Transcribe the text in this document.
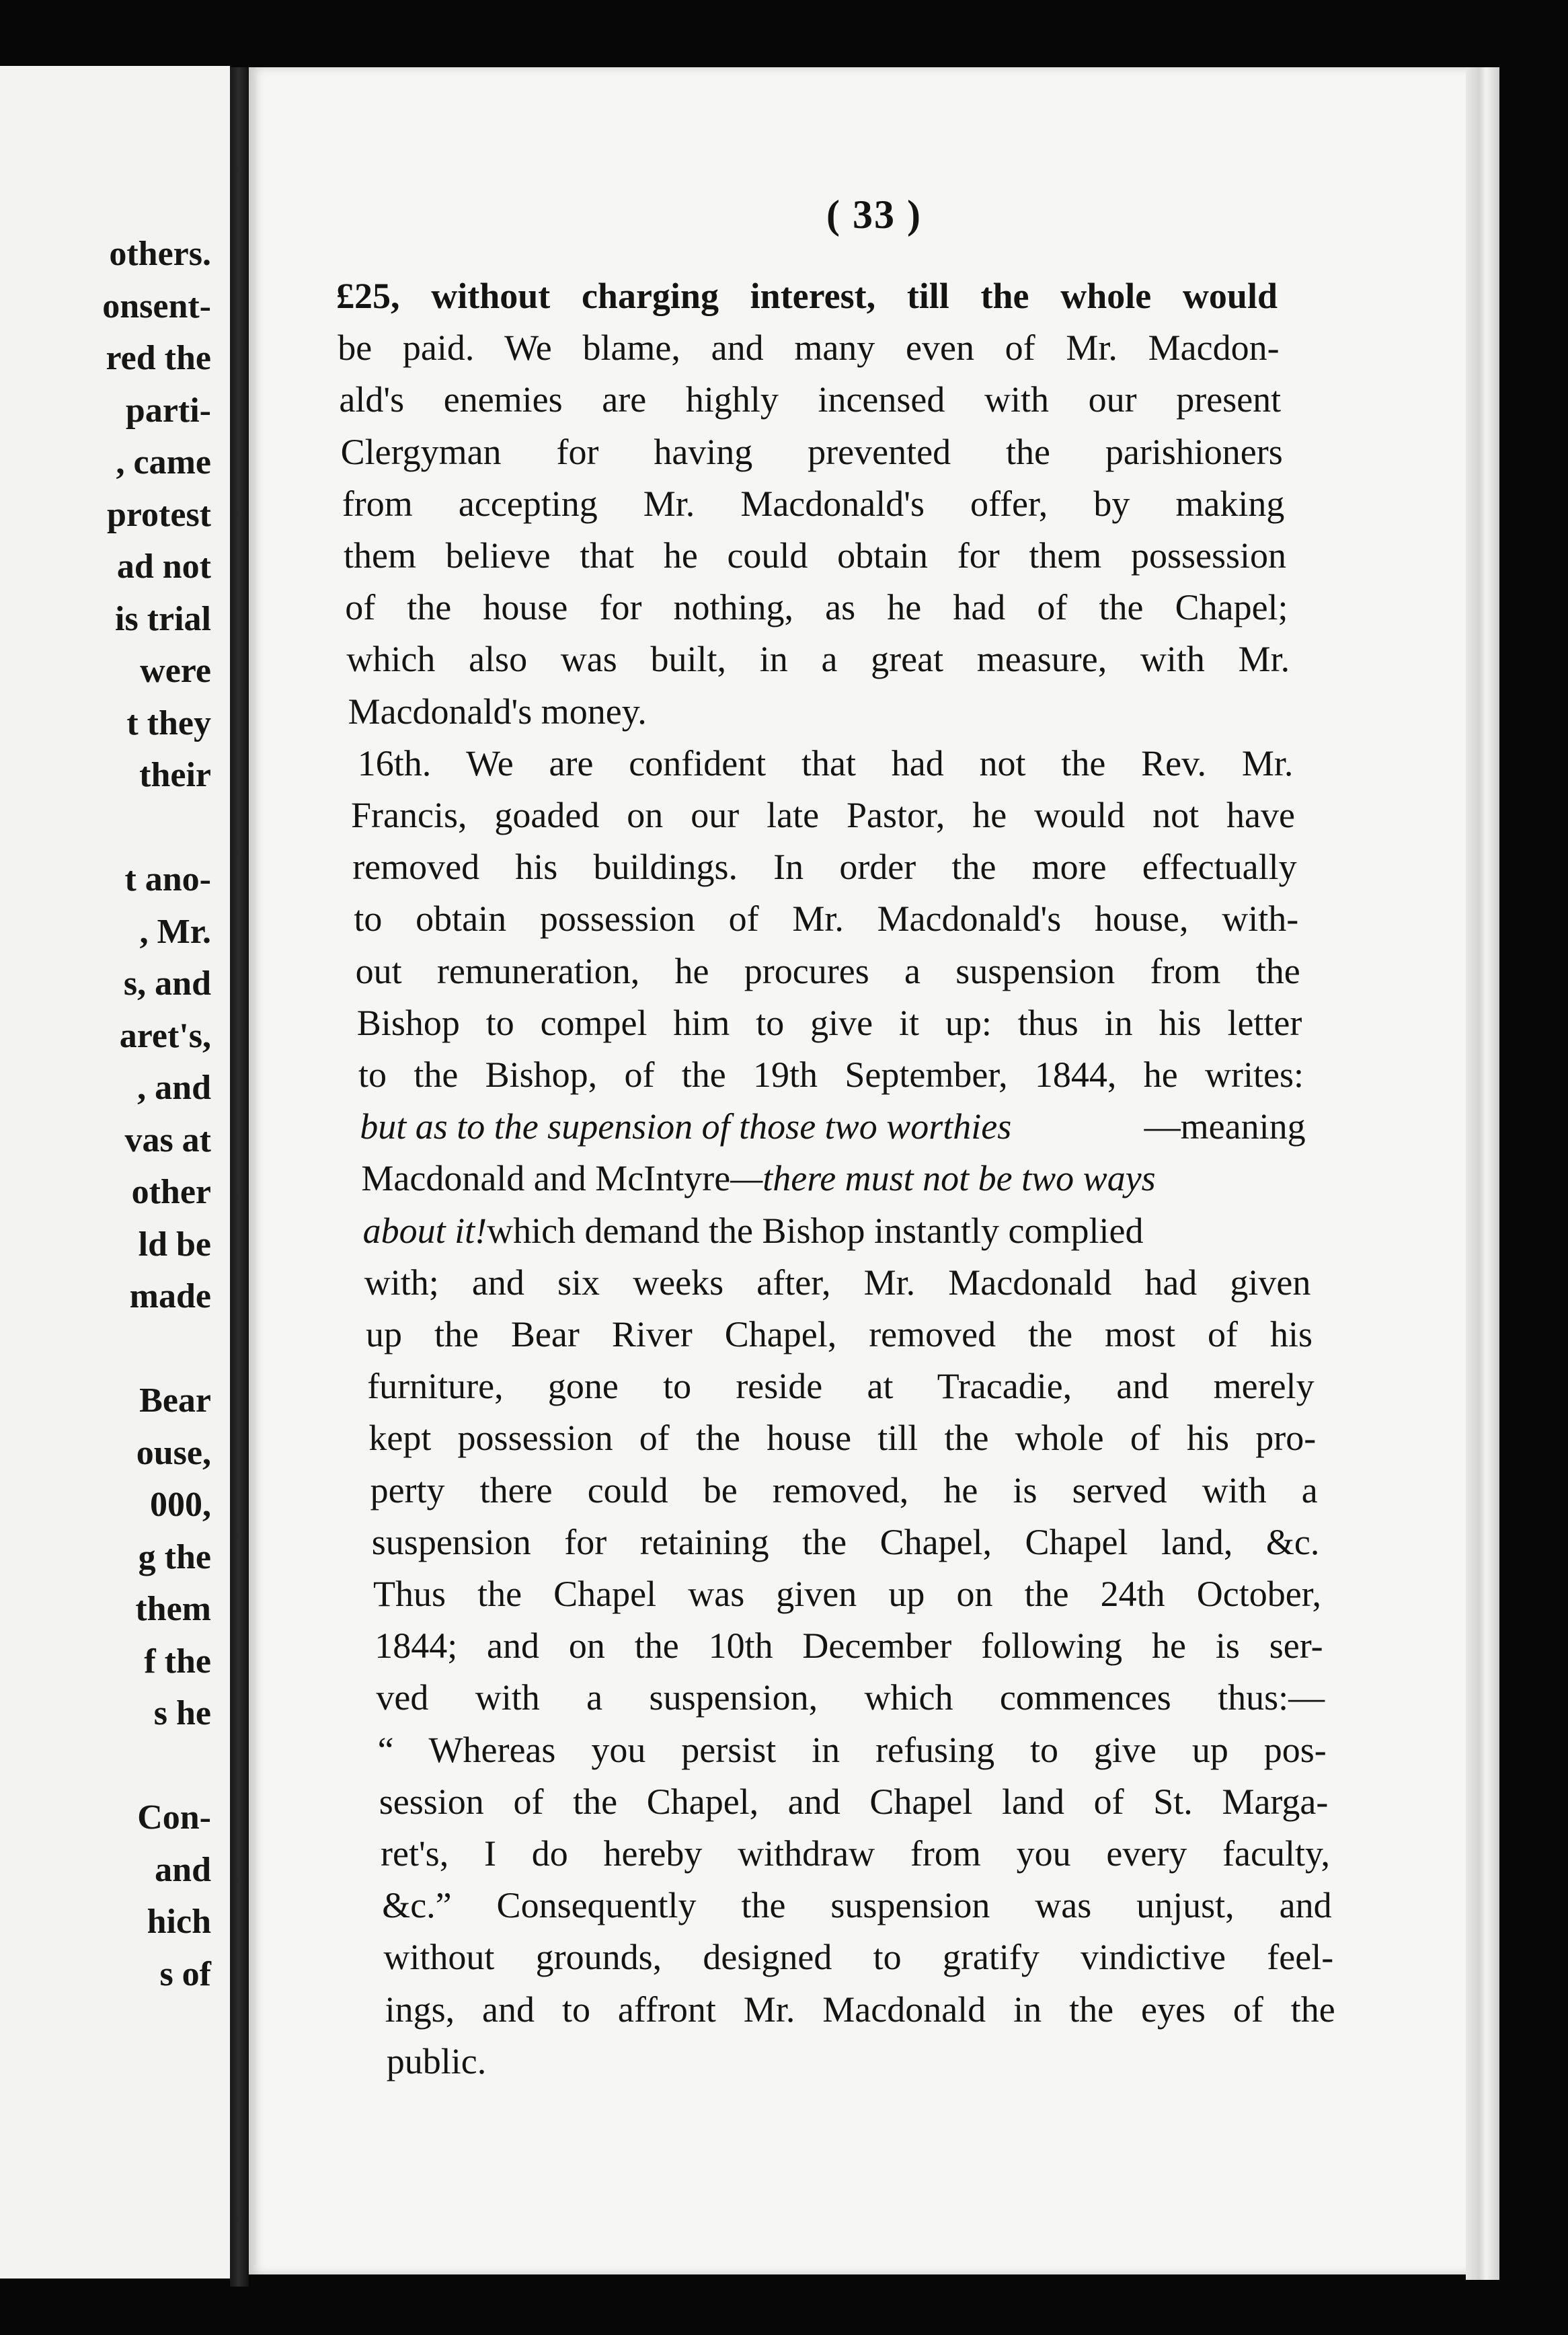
others.
onsent-
red the
parti-
, came
protest
ad not
is trial
were
t they
their
t ano-
, Mr.
s, and
aret's,
, and
vas at
other
ld be
made
Bear
ouse,
000,
g the
them
f the
s he
Con-
and
hich
s of
( 33 )
£25, without charging interest, till the whole would
be paid. We blame, and many even of Mr. Macdon-
ald's enemies are highly incensed with our present
Clergyman for having prevented the parishioners
from accepting Mr. Macdonald's offer, by making
them believe that he could obtain for them possession
of the house for nothing, as he had of the Chapel;
which also was built, in a great measure, with Mr.
Macdonald's money.
16th. We are confident that had not the Rev. Mr.
Francis, goaded on our late Pastor, he would not have
removed his buildings. In order the more effectually
to obtain possession of Mr. Macdonald's house, with-
out remuneration, he procures a suspension from the
Bishop to compel him to give it up: thus in his letter
to the Bishop, of the 19th September, 1844, he writes:
but as to the supension of those two worthies	—meaning
Macdonald and McIntyre —there must not be two ways
about it! which demand the Bishop instantly complied
with; and six weeks after, Mr. Macdonald had given
up the Bear River Chapel, removed the most of his
furniture, gone to reside at Tracadie, and merely
kept possession of the house till the whole of his pro-
perty there could be removed, he is served with a
suspension for retaining the Chapel, Chapel land, &c.
Thus the Chapel was given up on the 24th October,
1844; and on the 10th December following he is ser-
ved with a suspension, which commences thus:—
“ Whereas you persist in refusing to give up pos-
session of the Chapel, and Chapel land of St. Marga-
ret's, I do hereby withdraw from you every faculty,
&c.” Consequently the suspension was unjust, and
without grounds, designed to gratify vindictive feel-
ings, and to affront Mr. Macdonald in the eyes of the
public.
